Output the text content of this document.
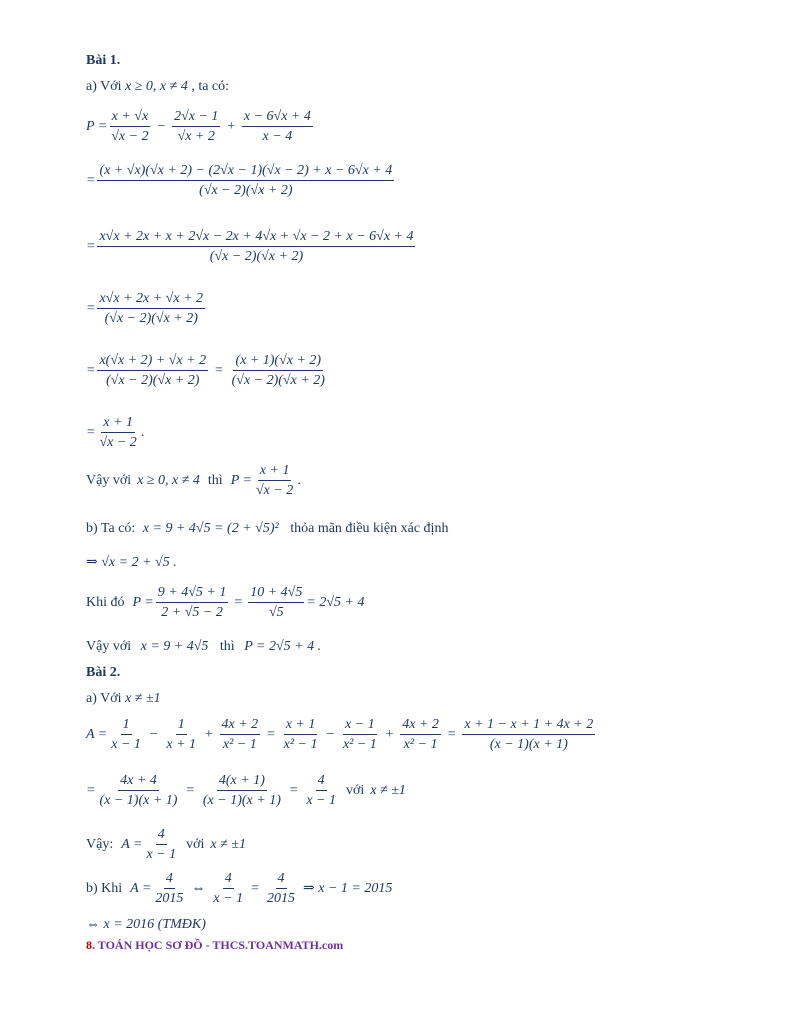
Bài 1.
a) Với x ≥ 0, x ≠ 4 , ta có:
$P = \frac{x + √x}{√x - 2} - \frac{2√x - 1}{√x + 2} + \frac{x - 6√x + 4}{x - 4}$
= $\frac{(x + √x)(√x + 2) - (2√x - 1)(√x - 2) + x - 6√x + 4}{(√x - 2)(√x + 2)}$
= $\frac{x√x + 2x + x + 2√x - 2x + 4√x + √x - 2 + x - 6√x + 4}{(√x - 2)(√x + 2)}$
= $\frac{x√x + 2x + √x + 2}{(√x - 2)(√x + 2)}$
= $\frac{x(√x + 2) + √x + 2}{(√x - 2)(√x + 2)} = \frac{(x + 1)(√x + 2)}{(√x - 2)(√x + 2)}$
= $\frac{x + 1}{√x - 2}$ .
Vậy với x ≥ 0, x ≠ 4 thì $P = \frac{x + 1}{√x - 2}$ .
b) Ta có: x = 9 + 4√5 = (2 + √5)² thỏa mãn điều kiện xác định
⇒ √x = 2 + √5 .
Khi đó $P = \frac{9 + 4√5 + 1}{2 + √5 - 2} = \frac{10 + 4√5}{√5} = 2√5 + 4$
Vậy với x = 9 + 4√5 thì P = 2√5 + 4 .
Bài 2.
a) Với x ≠ ±1
$A = \frac{1}{x - 1} - \frac{1}{x + 1} + \frac{4x + 2}{\text{x² − 1}} = \frac{x + 1}{\text{x² − 1}} - \frac{x - 1}{\text{x² − 1}} + \frac{4x + 2}{\text{x² − 1}} = \frac{x + 1 - x + 1 + 4x + 2}{(x - 1)(x + 1)}$
= $\frac{4x + 4}{(x - 1)(x + 1)} = \frac{4(x + 1)}{(x - 1)(x + 1)} = \frac{4}{x - 1}$ với x ≠ ±1
Vậy: $A = \frac{4}{x - 1}$ với x ≠ ±1
b) Khi $A = \frac{4}{2015}$ ⇔ $\frac{4}{x - 1} = \frac{4}{2015}$ ⇒ x − 1 = 2015
⇔ x = 2016 (TMĐK)
8. TOÁN HỌC SƠ ĐỒ - THCS.TOANMATH.com
